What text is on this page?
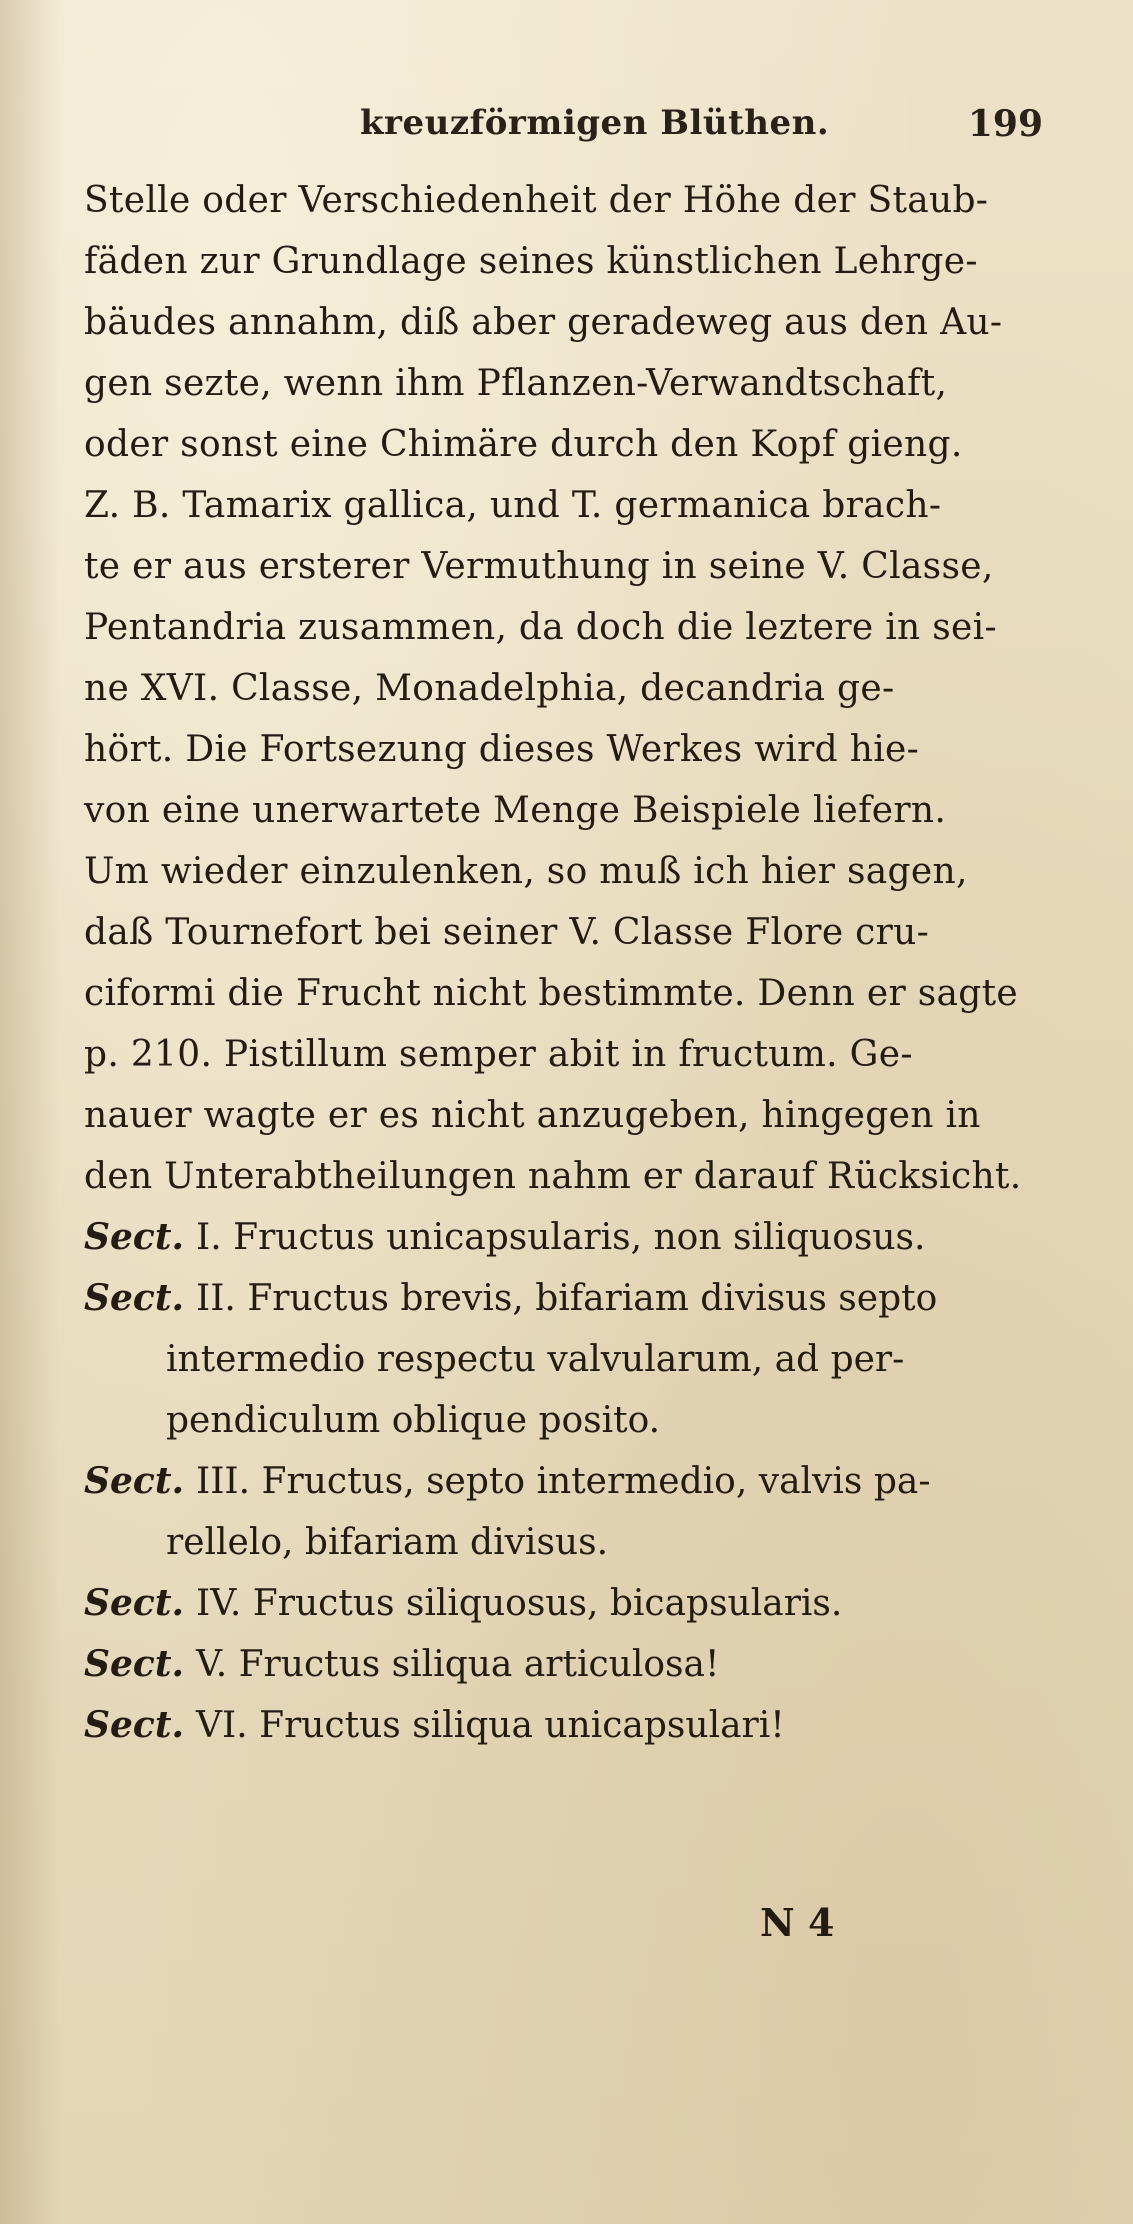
kreuzförmigen Blüthen.	199
Stelle oder Verschiedenheit der Höhe der Staub-
fäden zur Grundlage seines künstlichen Lehrge-
bäudes annahm, diß aber geradeweg aus den Au-
gen sezte, wenn ihm Pflanzen-Verwandtschaft,
oder sonst eine Chimäre durch den Kopf gieng.
Z. B. Tamarix gallica, und T. germanica brach-
te er aus ersterer Vermuthung in seine V. Classe,
Pentandria zusammen, da doch die leztere in sei-
ne XVI. Classe, Monadelphia, decandria ge-
hört. Die Fortsezung dieses Werkes wird hie-
von eine unerwartete Menge Beispiele liefern.
Um wieder einzulenken, so muß ich hier sagen,
daß Tournefort bei seiner V. Classe Flore cru-
ciformi die Frucht nicht bestimmte. Denn er sagte
p. 210. Pistillum semper abit in fructum. Ge-
nauer wagte er es nicht anzugeben, hingegen in
den Unterabtheilungen nahm er darauf Rücksicht.
Sect. I. Fructus unicapsularis, non siliquosus.
Sect. II. Fructus brevis, bifariam divisus septo
intermedio respectu valvularum, ad per-
pendiculum oblique posito.
Sect. III. Fructus, septo intermedio, valvis pa-
rellelo, bifariam divisus.
Sect. IV. Fructus siliquosus, bicapsularis.
Sect. V. Fructus siliqua articulosa!
Sect. VI. Fructus siliqua unicapsulari!
N 4
